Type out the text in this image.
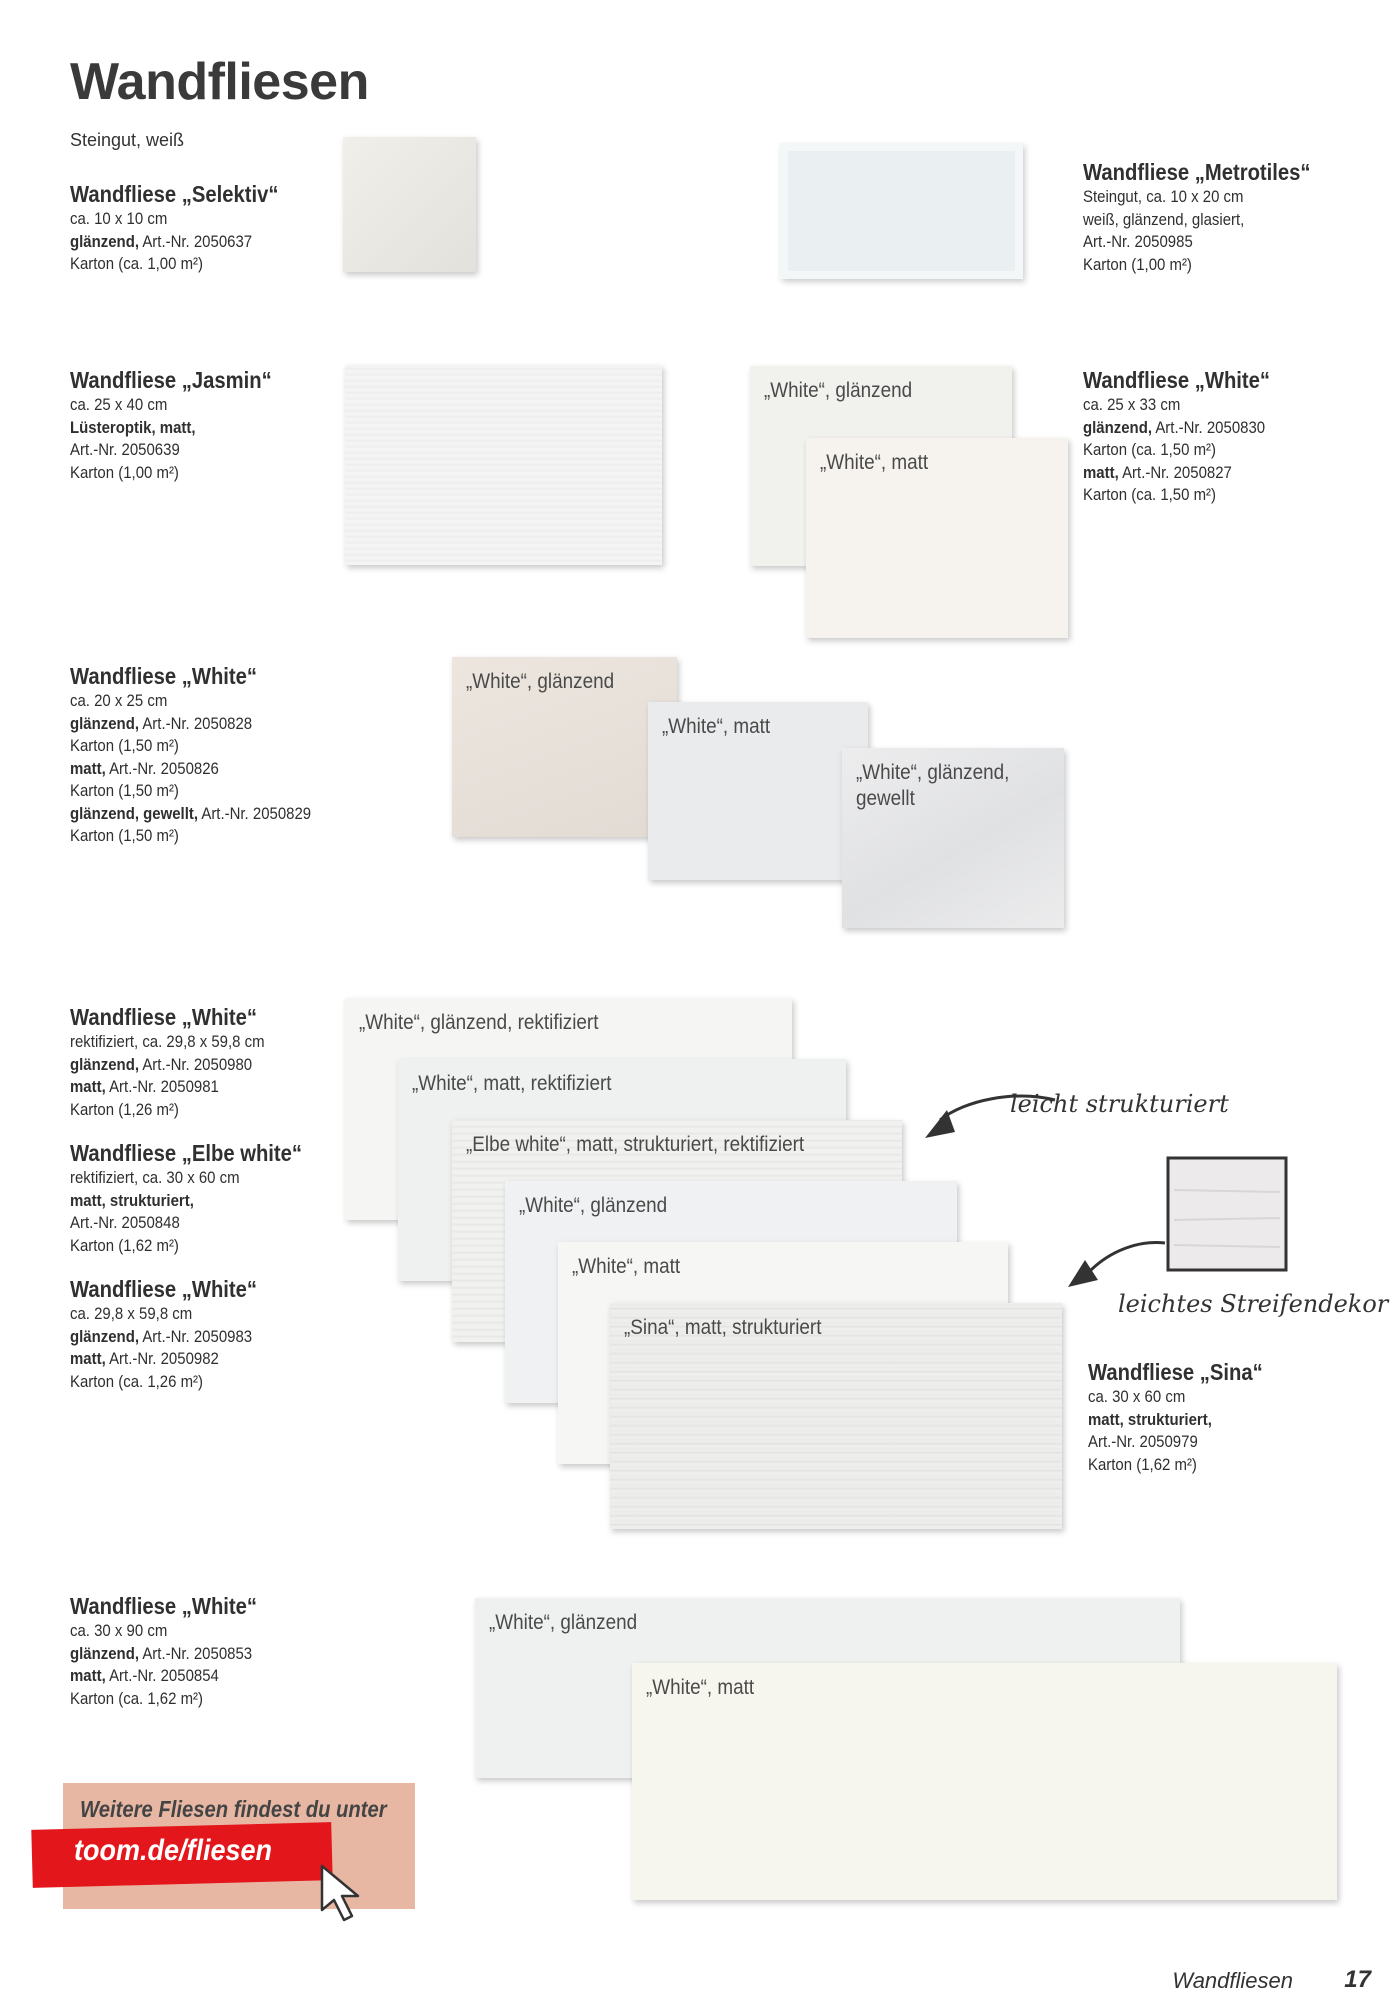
Wandfliesen
Steingut, weiß
Wandfliese „Selektiv“
ca. 10 x 10 cm
glänzend, Art.-Nr. 2050637
Karton (ca. 1,00 m²)
Wandfliese „Metrotiles“
Steingut, ca. 10 x 20 cm
weiß, glänzend, glasiert,
Art.-Nr. 2050985
Karton (1,00 m²)
Wandfliese „Jasmin“
ca. 25 x 40 cm
Lüsteroptik, matt,
Art.-Nr. 2050639
Karton (1,00 m²)
„White“, glänzend
„White“, matt
Wandfliese „White“
ca. 25 x 33 cm
glänzend, Art.-Nr. 2050830
Karton (ca. 1,50 m²)
matt, Art.-Nr. 2050827
Karton (ca. 1,50 m²)
Wandfliese „White“
ca. 20 x 25 cm
glänzend, Art.-Nr. 2050828
Karton (1,50 m²)
matt, Art.-Nr. 2050826
Karton (1,50 m²)
glänzend, gewellt, Art.-Nr. 2050829
Karton (1,50 m²)
„White“, glänzend
„White“, matt
„White“, glänzend, gewellt
Wandfliese „White“
rektifiziert, ca. 29,8 x 59,8 cm
glänzend, Art.-Nr. 2050980
matt, Art.-Nr. 2050981
Karton (1,26 m²)
Wandfliese „Elbe white“
rektifiziert, ca. 30 x 60 cm
matt, strukturiert,
Art.-Nr. 2050848
Karton (1,62 m²)
Wandfliese „White“
ca. 29,8 x 59,8 cm
glänzend, Art.-Nr. 2050983
matt, Art.-Nr. 2050982
Karton (ca. 1,26 m²)
„White“, glänzend, rektifiziert
„White“, matt, rektifiziert
„Elbe white“, matt, strukturiert, rektifiziert
„White“, glänzend
„White“, matt
„Sina“, matt, strukturiert
leicht strukturiert
leichtes Streifendekor
Wandfliese „Sina“
ca. 30 x 60 cm
matt, strukturiert,
Art.-Nr. 2050979
Karton (1,62 m²)
Wandfliese „White“
ca. 30 x 90 cm
glänzend, Art.-Nr. 2050853
matt, Art.-Nr. 2050854
Karton (ca. 1,62 m²)
„White“, glänzend
„White“, matt
Weitere Fliesen findest du unter
toom.de/fliesen
Wandfliesen 17
